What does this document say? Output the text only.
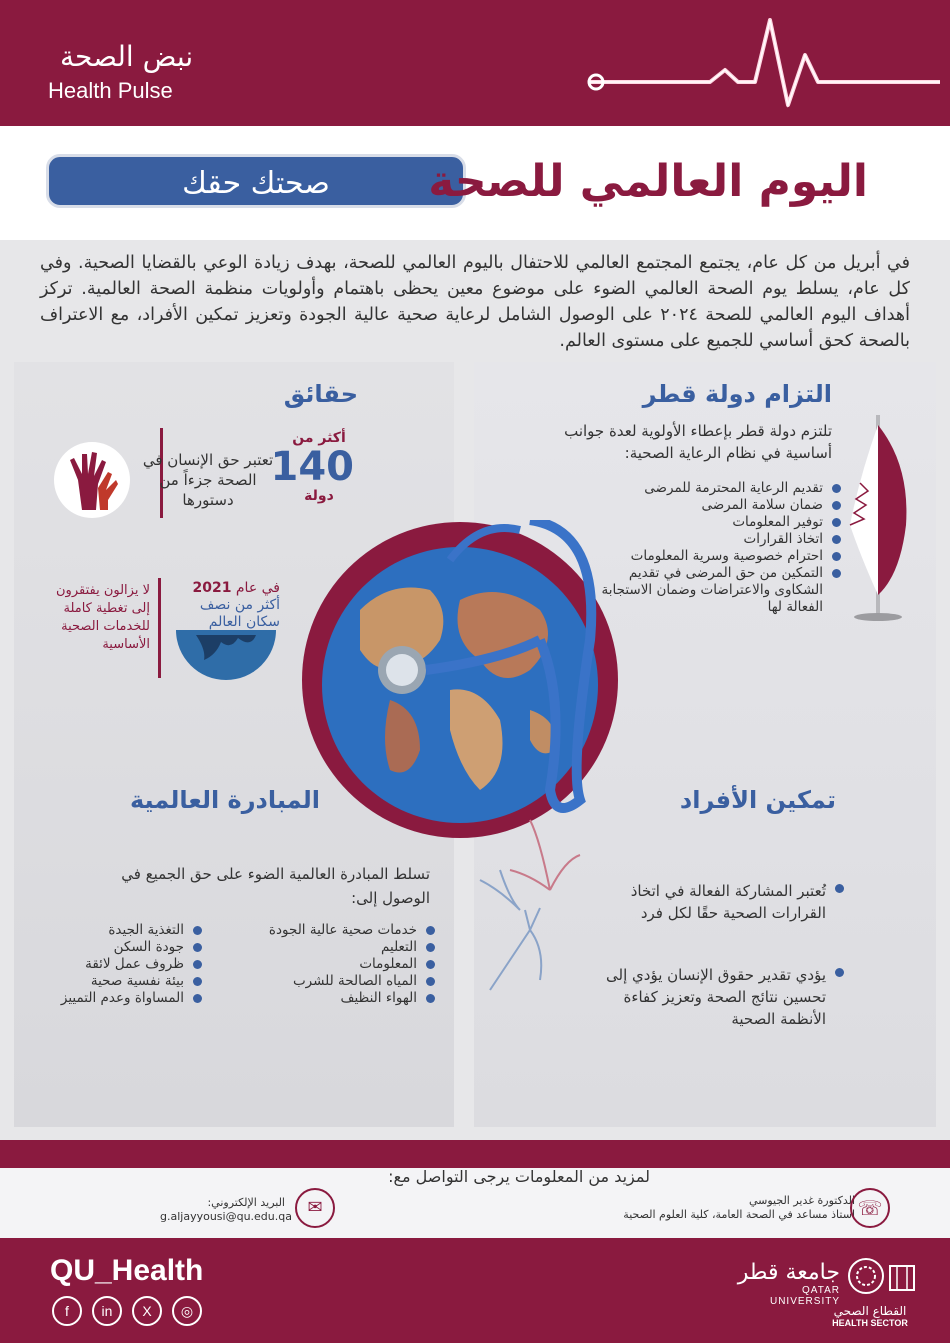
نبض الصحة
Health Pulse
صحتك حقك	اليوم العالمي للصحة

في أبريل من كل عام، يجتمع المجتمع العالمي للاحتفال باليوم العالمي للصحة، بهدف زيادة الوعي بالقضايا الصحية. وفي كل عام، يسلط يوم الصحة العالمي الضوء على موضوع معين يحظى باهتمام وأولويات منظمة الصحة العالمية. تركز أهداف اليوم العالمي للصحة ٢٠٢٤ على الوصول الشامل لرعاية صحية عالية الجودة وتعزيز تمكين الأفراد، مع الاعتراف بالصحة كحق أساسي للجميع على مستوى العالم.

حقائق
تعتبر حق الإنسان في الصحة جزءاً من دستورها
أكثر من
140
دولة
لا يزالون يفتقرون إلى تغطية كاملة للخدمات الصحية الأساسية
في عام 2021
أكثر من نصف
سكان العالم
التزام دولة قطر
تلتزم دولة قطر بإعطاء الأولوية لعدة جوانب أساسية في نظام الرعاية الصحية:
تقديم الرعاية المحترمة للمرضى
ضمان سلامة المرضى
توفير المعلومات
اتخاذ القرارات
احترام خصوصية وسرية المعلومات
التمكين من حق المرضى في تقديم الشكاوى والاعتراضات وضمان الاستجابة الفعالة لها
المبادرة العالمية
تسلط المبادرة العالمية الضوء على حق الجميع في الوصول إلى:
خدمات صحية عالية الجودة
التعليم
المعلومات
المياه الصالحة للشرب
الهواء النظيف
التغذية الجيدة
جودة السكن
ظروف عمل لائقة
بيئة نفسية صحية
المساواة وعدم التمييز
تمكين الأفراد
تُعتبر المشاركة الفعالة في اتخاذ القرارات الصحية حقًا لكل فرد
يؤدي تقدير حقوق الإنسان يؤدي إلى تحسين نتائج الصحة وتعزيز كفاءة الأنظمة الصحية
لمزيد من المعلومات يرجى التواصل مع:
الدكتورة غدير الجيوسي
استاذ مساعد في الصحة العامة، كلية العلوم الصحية ☏
البريد الإلكتروني:
g.aljayyousi@qu.edu.qa ✉
QU_Health
f	in	X	◎
جامعة قطر
QATAR UNIVERSITY
القطاع الصحي
HEALTH SECTOR
